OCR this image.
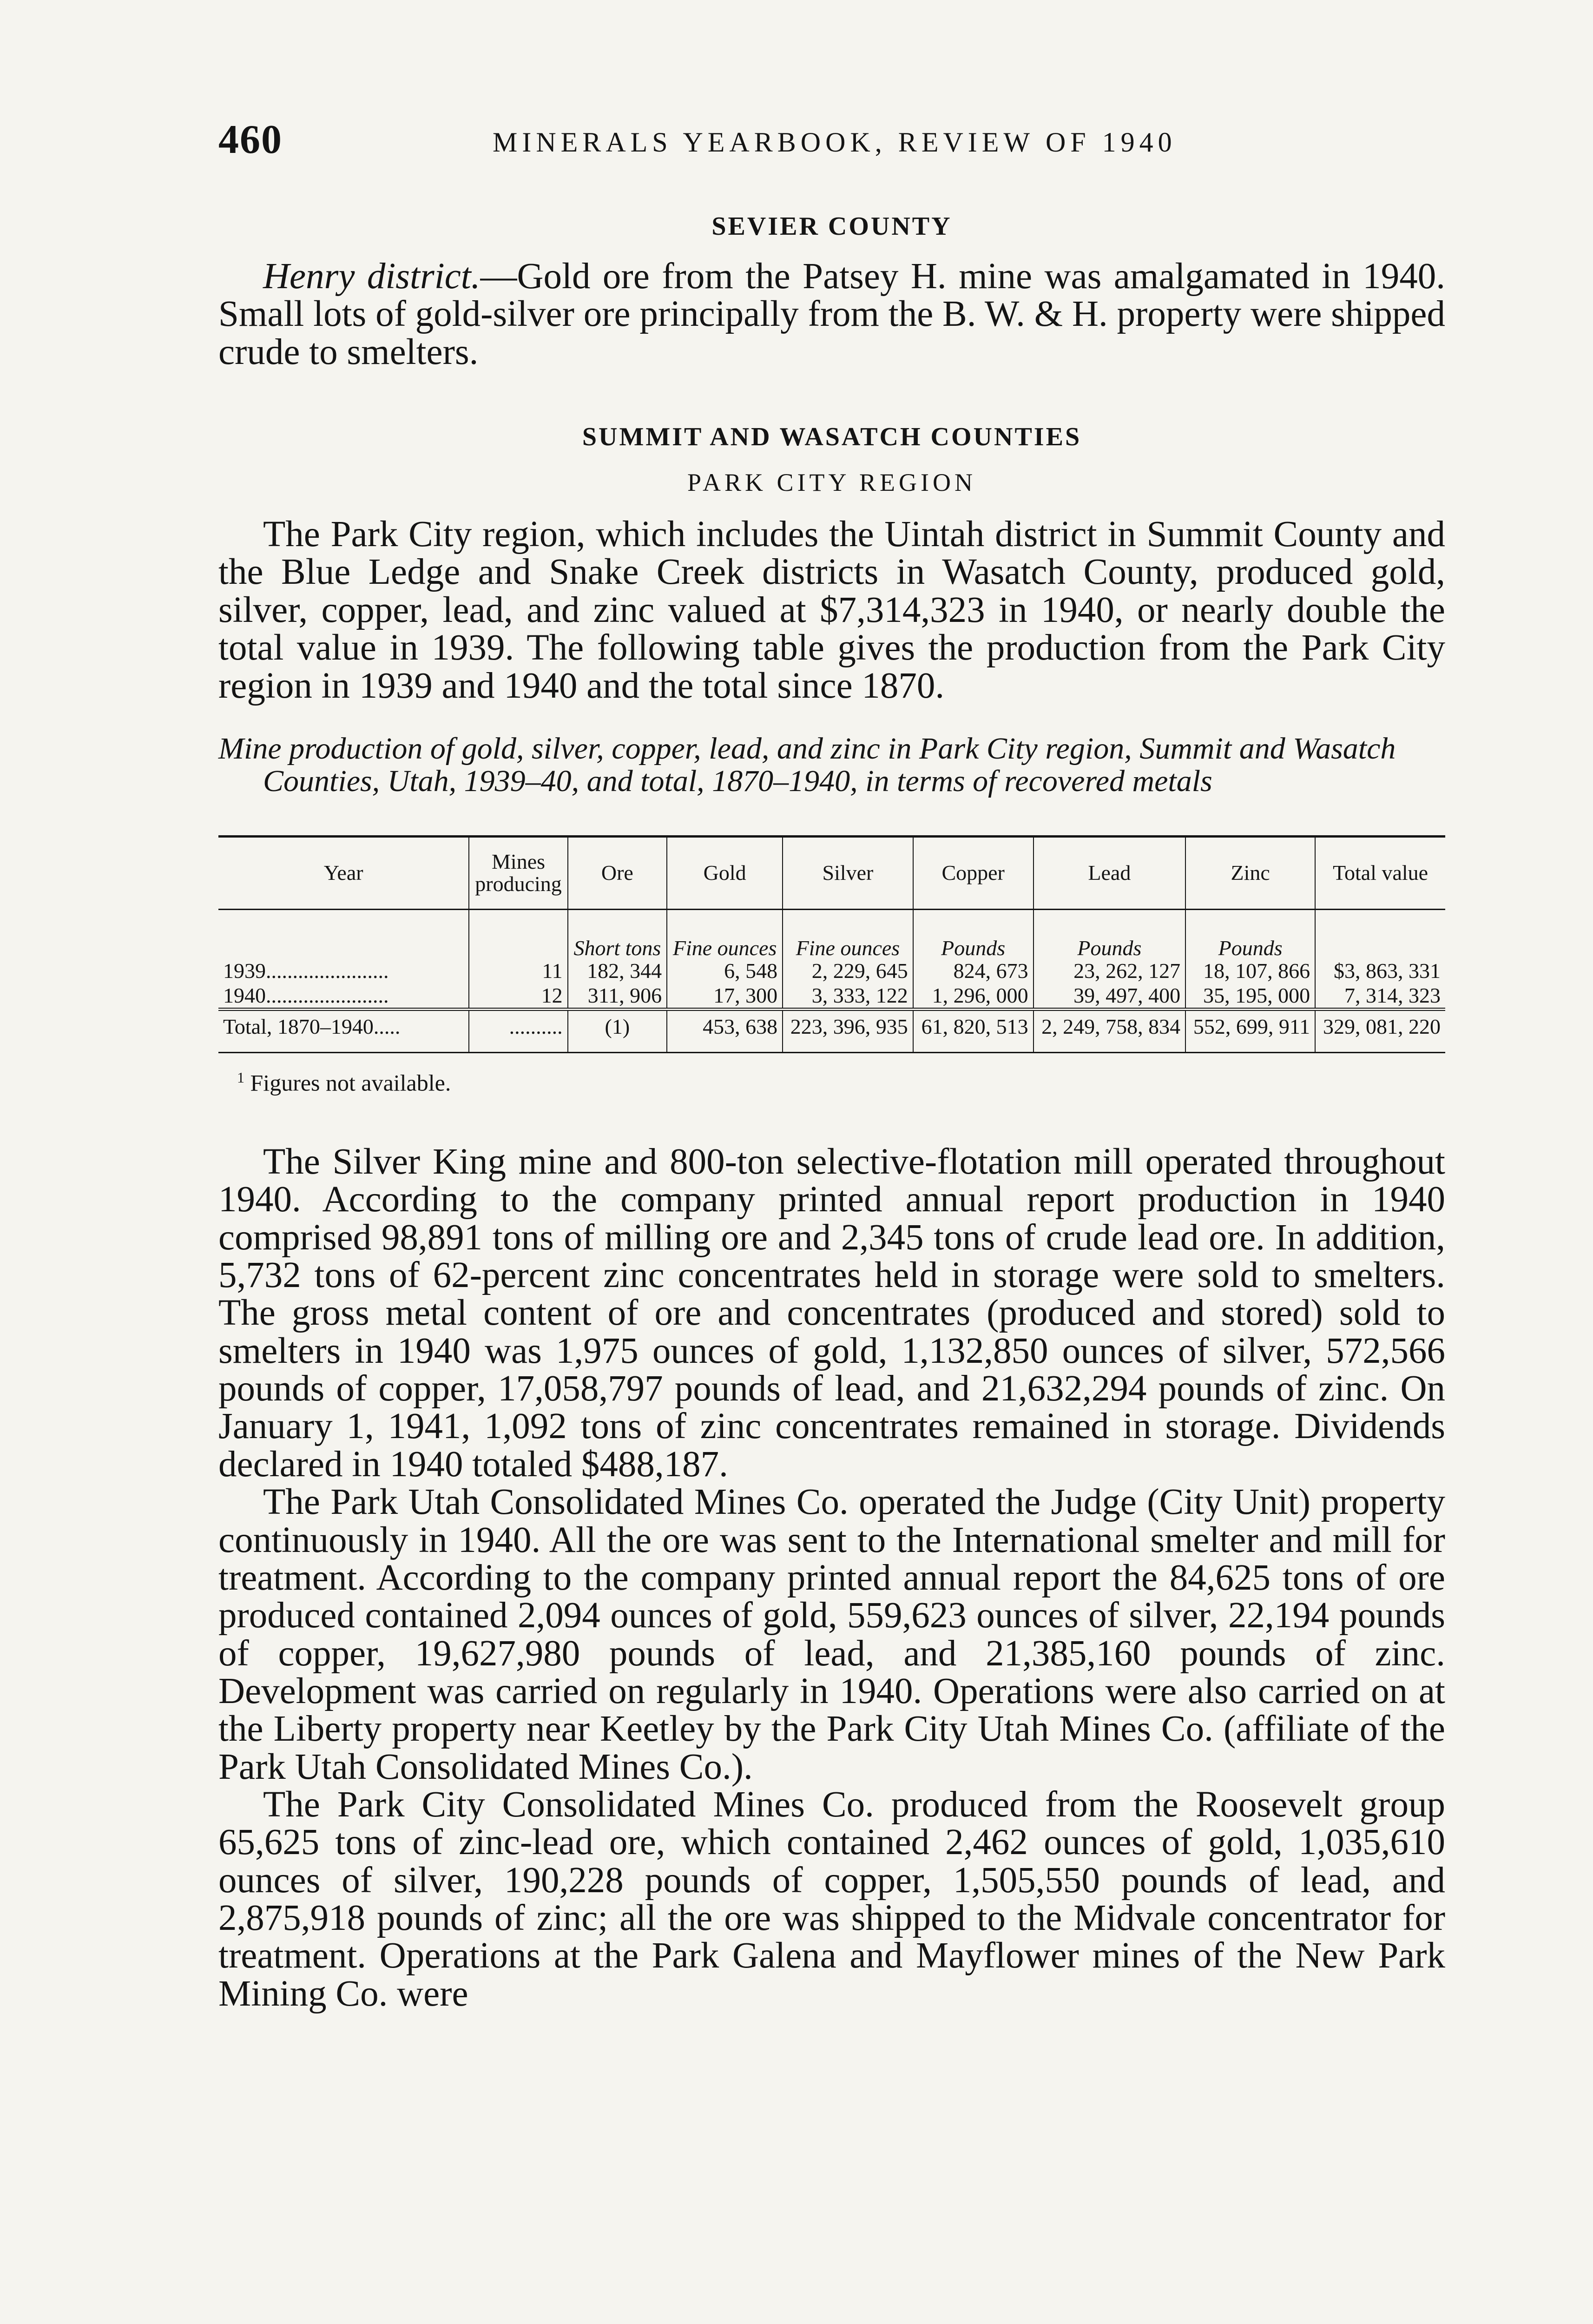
460	MINERALS YEARBOOK, REVIEW OF 1940
SEVIER COUNTY

Henry district.—Gold ore from the Patsey H. mine was amalgamated in 1940. Small lots of gold-silver ore principally from the B. W. & H. property were shipped crude to smelters.

SUMMIT AND WASATCH COUNTIES
PARK CITY REGION

The Park City region, which includes the Uintah district in Summit County and the Blue Ledge and Snake Creek districts in Wasatch County, produced gold, silver, copper, lead, and zinc valued at $7,314,323 in 1940, or nearly double the total value in 1939. The following table gives the production from the Park City region in 1939 and 1940 and the total since 1870.

Mine production of gold, silver, copper, lead, and zinc in Park City region, Summit and Wasatch Counties, Utah, 1939–40, and total, 1870–1940, in terms of recovered metals
Year	Mines producing	Ore	Gold	Silver	Copper	Lead	Zinc	Total value
		Short tons	Fine ounces	Fine ounces	Pounds	Pounds	Pounds	
1939.......................	11	182, 344	6, 548	2, 229, 645	824, 673	23, 262, 127	18, 107, 866	$3, 863, 331
1940.......................	12	311, 906	17, 300	3, 333, 122	1, 296, 000	39, 497, 400	35, 195, 000	7, 314, 323
Total, 1870–1940.....	..........	(1)	453, 638	223, 396, 935	61, 820, 513	2, 249, 758, 834	552, 699, 911	329, 081, 220
$^1$ Figures not available.

The Silver King mine and 800-ton selective-flotation mill operated throughout 1940. According to the company printed annual report production in 1940 comprised 98,891 tons of milling ore and 2,345 tons of crude lead ore. In addition, 5,732 tons of 62-percent zinc concentrates held in storage were sold to smelters. The gross metal content of ore and concentrates (produced and stored) sold to smelters in 1940 was 1,975 ounces of gold, 1,132,850 ounces of silver, 572,566 pounds of copper, 17,058,797 pounds of lead, and 21,632,294 pounds of zinc. On January 1, 1941, 1,092 tons of zinc concentrates remained in storage. Dividends declared in 1940 totaled $488,187.

The Park Utah Consolidated Mines Co. operated the Judge (City Unit) property continuously in 1940. All the ore was sent to the International smelter and mill for treatment. According to the company printed annual report the 84,625 tons of ore produced contained 2,094 ounces of gold, 559,623 ounces of silver, 22,194 pounds of copper, 19,627,980 pounds of lead, and 21,385,160 pounds of zinc. Development was carried on regularly in 1940. Operations were also carried on at the Liberty property near Keetley by the Park City Utah Mines Co. (affiliate of the Park Utah Consolidated Mines Co.).

The Park City Consolidated Mines Co. produced from the Roosevelt group 65,625 tons of zinc-lead ore, which contained 2,462 ounces of gold, 1,035,610 ounces of silver, 190,228 pounds of copper, 1,505,550 pounds of lead, and 2,875,918 pounds of zinc; all the ore was shipped to the Midvale concentrator for treatment. Operations at the Park Galena and Mayflower mines of the New Park Mining Co. were
